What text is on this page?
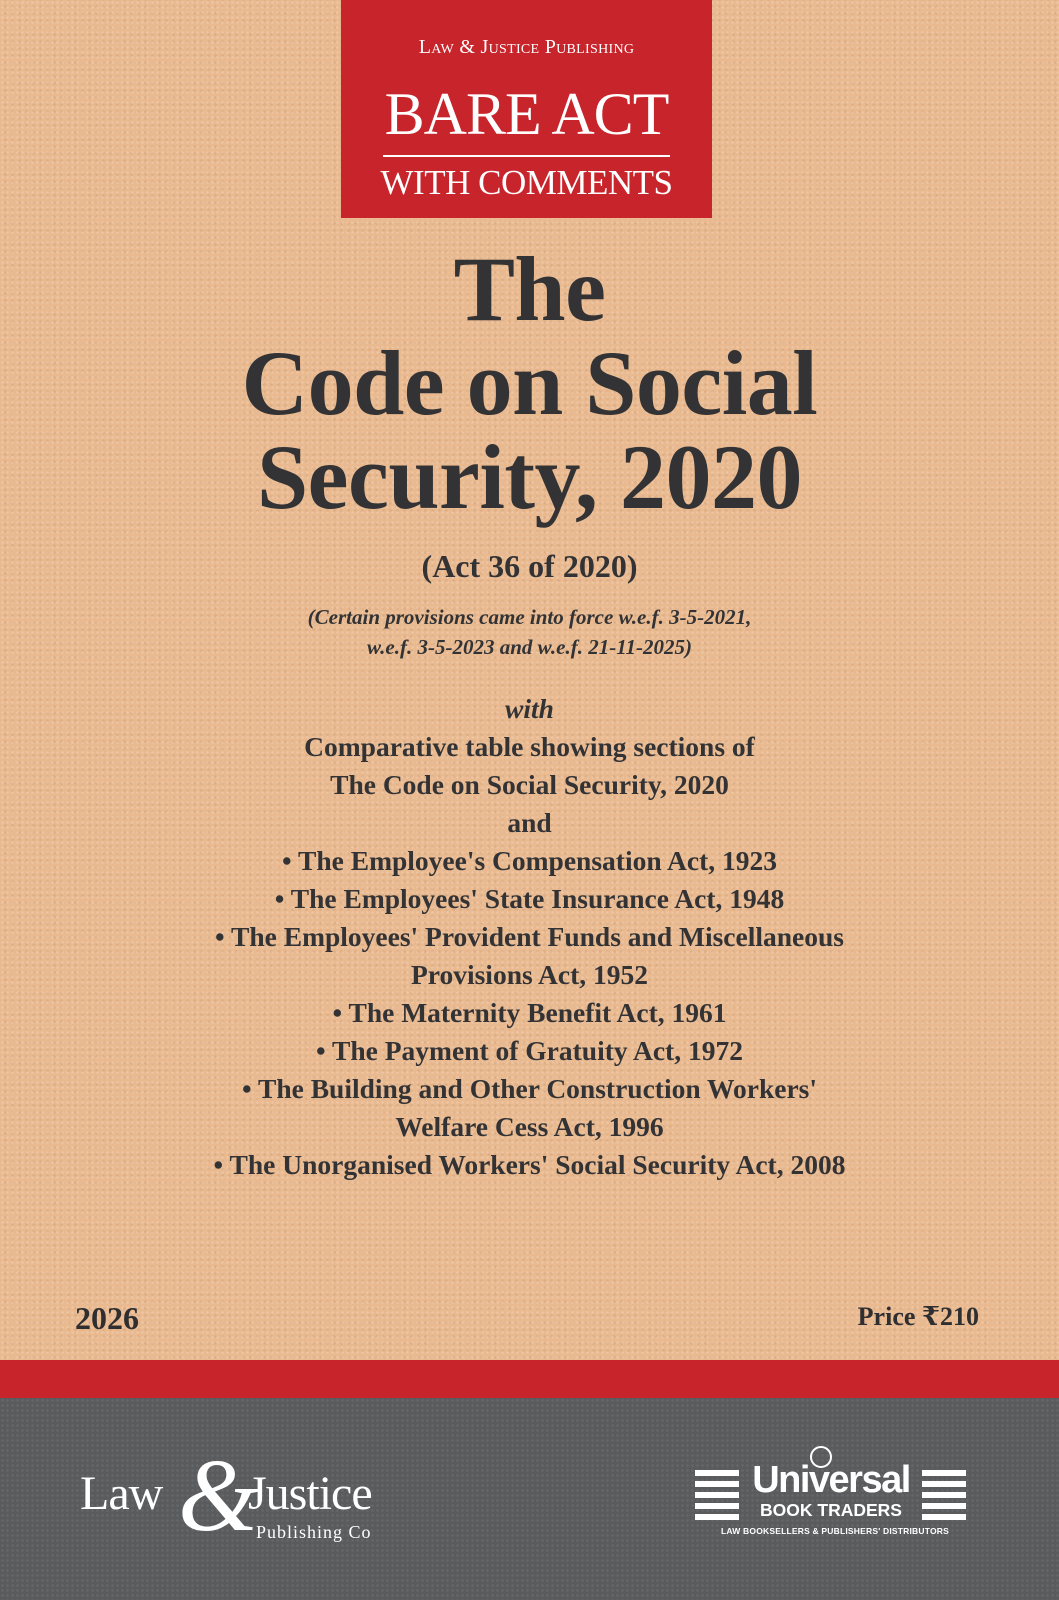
Law & Justice Publishing
BARE ACT
WITH COMMENTS
The
Code on Social
Security, 2020
(Act 36 of 2020)
(Certain provisions came into force w.e.f. 3-5-2021,
w.e.f. 3-5-2023 and w.e.f. 21-11-2025)
with
Comparative table showing sections of
The Code on Social Security, 2020
and
• The Employee's Compensation Act, 1923
• The Employees' State Insurance Act, 1948
• The Employees' Provident Funds and Miscellaneous
Provisions Act, 1952
• The Maternity Benefit Act, 1961
• The Payment of Gratuity Act, 1972
• The Building and Other Construction Workers'
Welfare Cess Act, 1996
• The Unorganised Workers' Social Security Act, 2008
2026	Price ₹210
Law &
Justice
Publishing Co
Universal
BOOK TRADERS
LAW BOOKSELLERS & PUBLISHERS' DISTRIBUTORS
